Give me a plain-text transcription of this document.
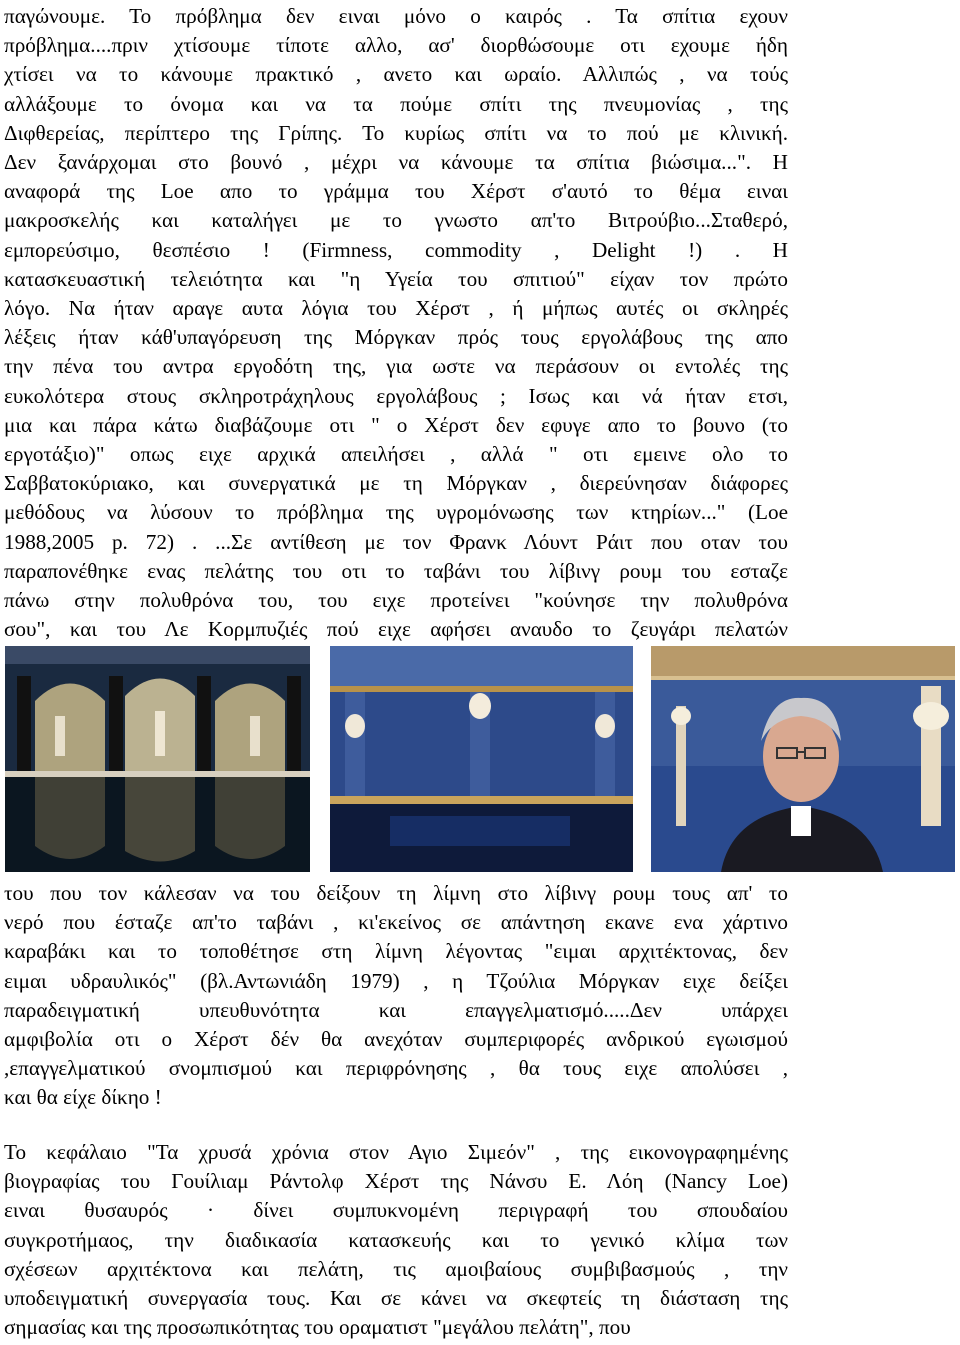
παγώνουμε. Το πρόβλημα δεν ειναι μόνο ο καιρός . Τα σπίτια εχουν
πρόβλημα....πριν χτίσουμε τίποτε αλλο, ασ' διορθώσουμε οτι εχουμε ήδη
χτίσει να το κάνουμε πρακτικό , ανετο και ωραίο. Αλλιπώς , να τούς
αλλάξουμε το όνομα και να τα πούμε σπίτι της πνευμονίας , της
Διφθερείας, περίπτερο της Γρίπης. Το κυρίως σπίτι να το πού με κλινική.
Δεν ξανάρχομαι στο βουνό , μέχρι να κάνουμε τα σπίτια βιώσιμα...". Η
αναφορά της Loe απο το γράμμα του Χέρστ σ'αυτό το θέμα ειναι
μακροσκελής και καταλήγει με το γνωστο απ'το Βιτρούβιο...Σταθερό,
εμπορεύσιμο, θεσπέσιο ! (Firmness, commodity , Delight !) . Η
κατασκευαστική τελειότητα και "η Υγεία του σπιτιού" είχαν τον πρώτο
λόγο. Να ήταν αραγε αυτα λόγια του Χέρστ , ή μήπως αυτές οι σκληρές
λέξεις ήταν κάθ'υπαγόρευση της Μόργκαν πρός τους εργολάβους της απο
την πένα του αντρα εργοδότη της, για ωστε να περάσουν οι εντολές της
ευκολότερα στους σκληροτράχηλους εργολάβους ; Ισως και νά ήταν ετσι,
μια και πάρα κάτω διαβάζουμε οτι " ο Χέρστ δεν εφυγε απο το βουνο (το
εργοτάξιο)" οπως ειχε αρχικά απειλήσει , αλλά " οτι εμεινε ολο το
Σαββατοκύριακο, και συνεργατικά με τη Μόργκαν , διερεύνησαν διάφορες
μεθόδους να λύσουν το πρόβλημα της υγρομόνωσης των κτηρίων..." (Loe
1988,2005 p. 72) . ...Σε αντίθεση με τον Φρανκ Λόυντ Ράιτ που οταν του
παραπονέθηκε ενας πελάτης του οτι το ταβάνι του λίβινγ ρουμ του εσταζε
πάνω στην πολυθρόνα του, του ειχε προτείνει "κούνησε την πολυθρόνα
σου", και του Λε Κορμπυζιές πού ειχε αφήσει αναυδο το ζευγάρι πελατών
του που τον κάλεσαν να του δείξουν τη λίμνη στο λίβινγ ρουμ τους απ' το
νερό που έσταζε απ'το ταβάνι , κι'εκείνος σε απάντηση εκανε ενα χάρτινο
καραβάκι και το τοποθέτησε στη λίμνη λέγοντας "ειμαι αρχιτέκτονας, δεν
ειμαι υδραυλικός" (βλ.Αντωνιάδη 1979) , η Τζούλια Μόργκαν ειχε δείξει
παραδειγματική υπευθυνότητα και επαγγελματισμό.....Δεν υπάρχει
αμφιβολία οτι ο Χέρστ δέν θα ανεχόταν συμπεριφορές ανδρικού εγωισμού
,επαγγελματικού σνομπισμού και περιφρόνησης , θα τους ειχε απολύσει ,
και θα είχε δίκηο !
Το κεφάλαιο "Τα χρυσά χρόνια στον Αγιο Σιμεόν" , της εικονογραφημένης
βιογραφίας του Γουίλιαμ Ράντολφ Χέρστ της Νάνσυ Ε. Λόη (Nancy Loe)
ειναι θυσαυρός · δίνει συμπυκνομένη περιγραφή του σπουδαίου
συγκροτήμαος, την διαδικασία κατασκευής και το γενικό κλίμα των
σχέσεων αρχιτέκτονα και πελάτη, τις αμοιβαίους συμβιβασμούς , την
υποδειγματική συνεργασία τους. Και σε κάνει να σκεφτείς τη διάσταση της
σημασίας και της προσωπικότητας του οραματιστ "μεγάλου πελάτη", που
